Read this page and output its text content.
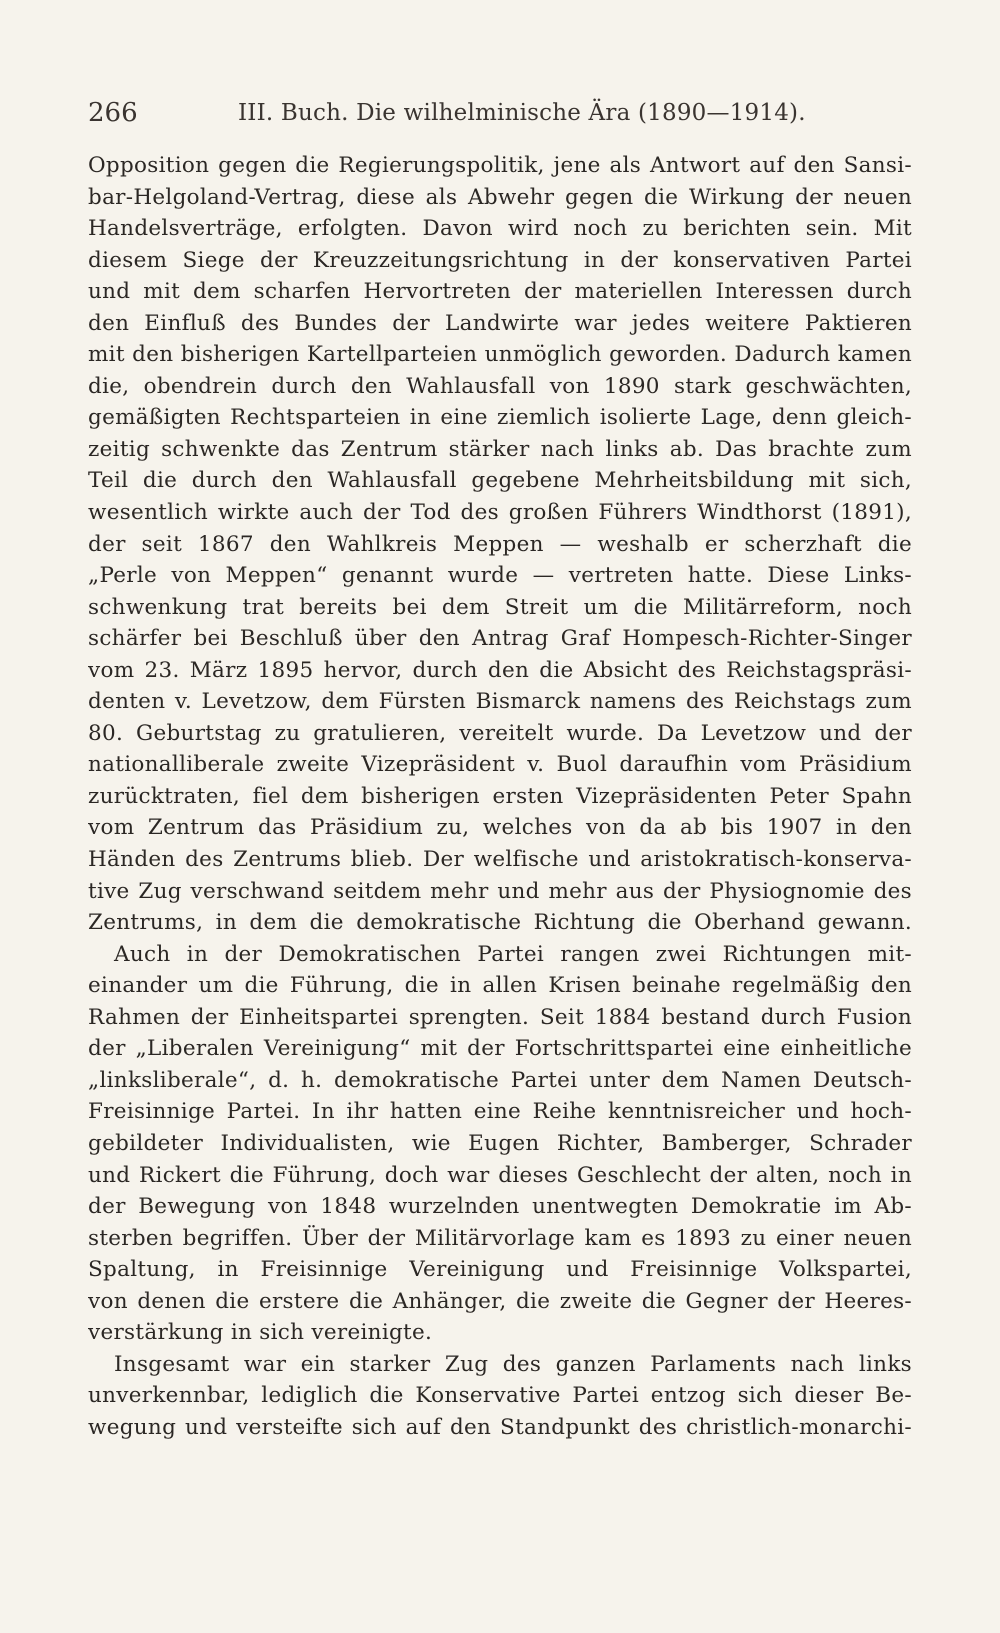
266	III. Buch. Die wilhelminische Ära (1890—1914).
Opposition gegen die Regierungspolitik, jene als Antwort auf den Sansi-
bar-Helgoland-Vertrag, diese als Abwehr gegen die Wirkung der neuen
Handelsverträge, erfolgten. Davon wird noch zu berichten sein. Mit
diesem Siege der Kreuzzeitungsrichtung in der konservativen Partei
und mit dem scharfen Hervortreten der materiellen Interessen durch
den Einfluß des Bundes der Landwirte war jedes weitere Paktieren
mit den bisherigen Kartellparteien unmöglich geworden. Dadurch kamen
die, obendrein durch den Wahlausfall von 1890 stark geschwächten,
gemäßigten Rechtsparteien in eine ziemlich isolierte Lage, denn gleich-
zeitig schwenkte das Zentrum stärker nach links ab. Das brachte zum
Teil die durch den Wahlausfall gegebene Mehrheitsbildung mit sich,
wesentlich wirkte auch der Tod des großen Führers Windthorst (1891),
der seit 1867 den Wahlkreis Meppen — weshalb er scherzhaft die
„Perle von Meppen“ genannt wurde — vertreten hatte. Diese Links-
schwenkung trat bereits bei dem Streit um die Militärreform, noch
schärfer bei Beschluß über den Antrag Graf Hompesch-Richter-Singer
vom 23. März 1895 hervor, durch den die Absicht des Reichstagspräsi-
denten v. Levetzow, dem Fürsten Bismarck namens des Reichstags zum
80. Geburtstag zu gratulieren, vereitelt wurde. Da Levetzow und der
nationalliberale zweite Vizepräsident v. Buol daraufhin vom Präsidium
zurücktraten, fiel dem bisherigen ersten Vizepräsidenten Peter Spahn
vom Zentrum das Präsidium zu, welches von da ab bis 1907 in den
Händen des Zentrums blieb. Der welfische und aristokratisch-konserva-
tive Zug verschwand seitdem mehr und mehr aus der Physiognomie des
Zentrums, in dem die demokratische Richtung die Oberhand gewann.
Auch in der Demokratischen Partei rangen zwei Richtungen mit-
einander um die Führung, die in allen Krisen beinahe regelmäßig den
Rahmen der Einheitspartei sprengten. Seit 1884 bestand durch Fusion
der „Liberalen Vereinigung“ mit der Fortschrittspartei eine einheitliche
„linksliberale“, d. h. demokratische Partei unter dem Namen Deutsch-
Freisinnige Partei. In ihr hatten eine Reihe kenntnisreicher und hoch-
gebildeter Individualisten, wie Eugen Richter, Bamberger, Schrader
und Rickert die Führung, doch war dieses Geschlecht der alten, noch in
der Bewegung von 1848 wurzelnden unentwegten Demokratie im Ab-
sterben begriffen. Über der Militärvorlage kam es 1893 zu einer neuen
Spaltung, in Freisinnige Vereinigung und Freisinnige Volkspartei,
von denen die erstere die Anhänger, die zweite die Gegner der Heeres-
verstärkung in sich vereinigte.
Insgesamt war ein starker Zug des ganzen Parlaments nach links
unverkennbar, lediglich die Konservative Partei entzog sich dieser Be-
wegung und versteifte sich auf den Standpunkt des christlich-monarchi-
